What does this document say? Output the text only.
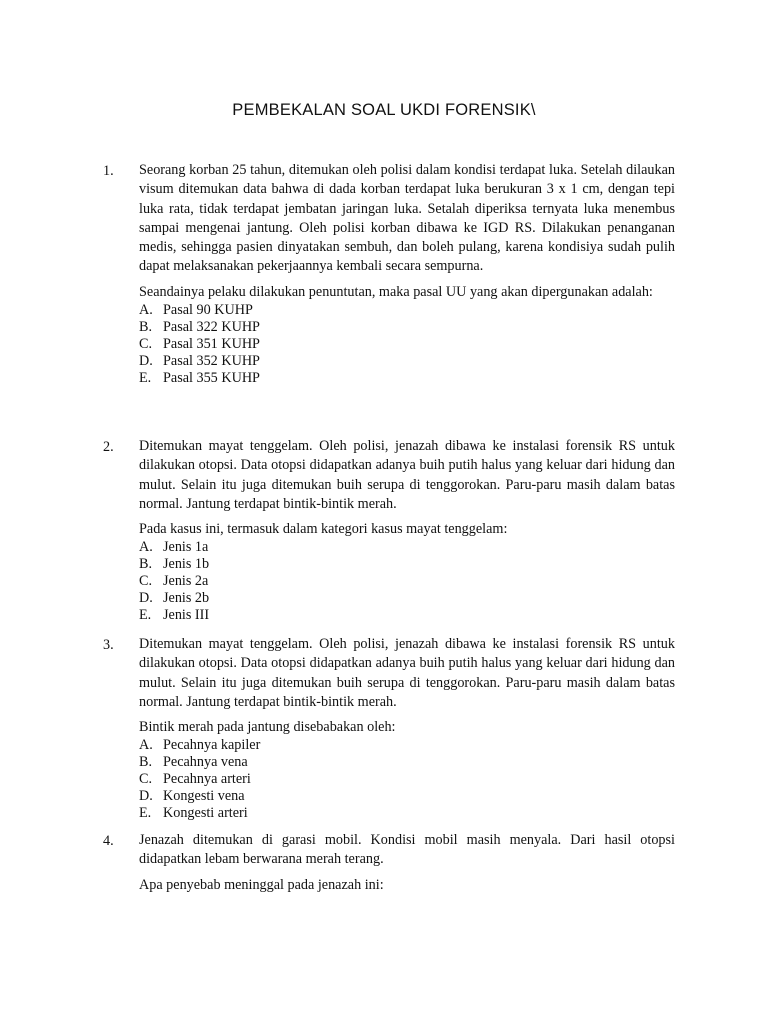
PEMBEKALAN SOAL UKDI FORENSIK\
1. Seorang korban 25 tahun, ditemukan oleh polisi dalam kondisi terdapat luka. Setelah dilaukan visum ditemukan data bahwa di dada korban terdapat luka berukuran 3 x 1 cm, dengan tepi luka rata, tidak terdapat jembatan jaringan luka. Setalah diperiksa ternyata luka menembus sampai mengenai jantung. Oleh polisi korban dibawa ke IGD RS. Dilakukan penanganan medis, sehingga pasien dinyatakan sembuh, dan boleh pulang, karena kondisiya sudah pulih dapat melaksanakan pekerjaannya kembali secara sempurna.

Seandainya pelaku dilakukan penuntutan, maka pasal UU yang akan dipergunakan adalah:

A. Pasal 90 KUHP
B. Pasal 322 KUHP
C. Pasal 351 KUHP
D. Pasal 352 KUHP
E. Pasal 355 KUHP
2. Ditemukan mayat tenggelam. Oleh polisi, jenazah dibawa ke instalasi forensik RS untuk dilakukan otopsi. Data otopsi didapatkan adanya buih putih halus yang keluar dari hidung dan mulut. Selain itu juga ditemukan buih serupa di tenggorokan. Paru-paru masih dalam batas normal. Jantung terdapat bintik-bintik merah.

Pada kasus ini, termasuk dalam kategori kasus mayat tenggelam:

A. Jenis 1a
B. Jenis 1b
C. Jenis 2a
D. Jenis 2b
E. Jenis III
3. Ditemukan mayat tenggelam. Oleh polisi, jenazah dibawa ke instalasi forensik RS untuk dilakukan otopsi. Data otopsi didapatkan adanya buih putih halus yang keluar dari hidung dan mulut. Selain itu juga ditemukan buih serupa di tenggorokan. Paru-paru masih dalam batas normal. Jantung terdapat bintik-bintik merah.

Bintik merah pada jantung disebabakan oleh:

A. Pecahnya kapiler
B. Pecahnya vena
C. Pecahnya arteri
D. Kongesti vena
E. Kongesti arteri
4. Jenazah ditemukan di garasi mobil. Kondisi mobil masih menyala. Dari hasil otopsi didapatkan lebam berwarana merah terang.

Apa penyebab meninggal pada jenazah ini:
